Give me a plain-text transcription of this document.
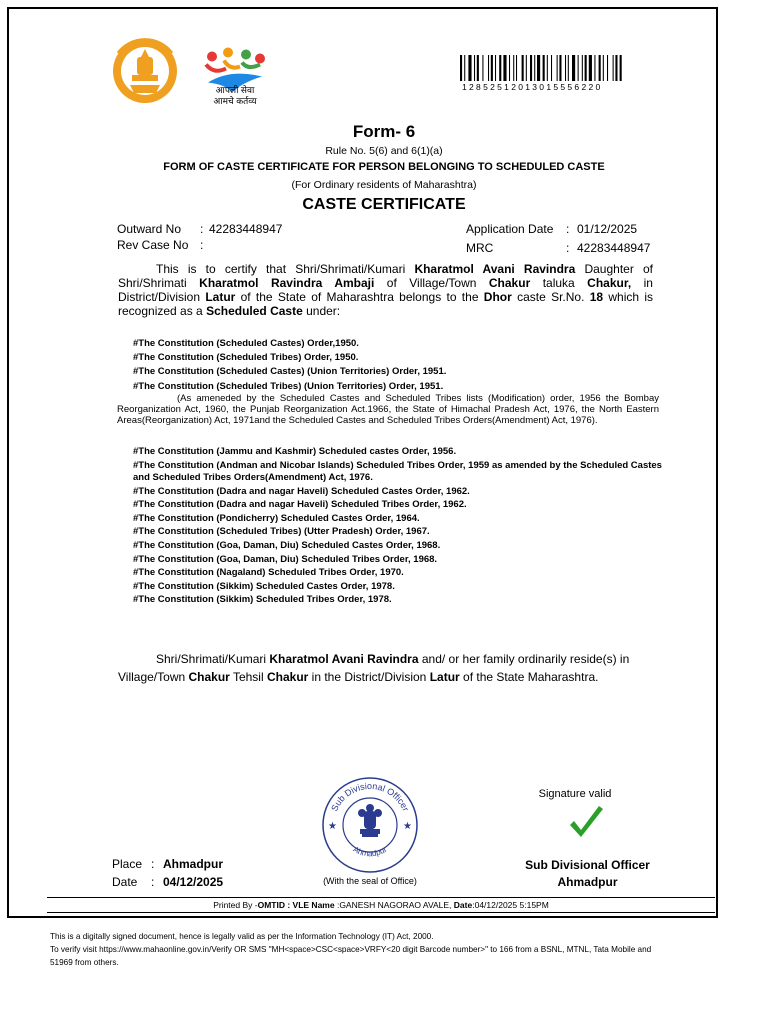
आपली सेवा
आमचे कर्तव्य
12852512013015556220
Form- 6
Rule No. 5(6) and 6(1)(a)
FORM OF CASTE CERTIFICATE FOR PERSON BELONGING TO SCHEDULED CASTE
(For Ordinary residents of Maharashtra)
CASTE CERTIFICATE
Outward No : 42283448947
Rev Case No :
Application Date : 01/12/2025
MRC	: 42283448947
This is to certify that Shri/Shrimati/Kumari Kharatmol Avani Ravindra Daughter of Shri/Shrimati Kharatmol Ravindra Ambaji of Village/Town Chakur taluka Chakur, in District/Division Latur of the State of Maharashtra belongs to the Dhor caste Sr.No. 18 which is recognized as a Scheduled Caste under:
#The Constitution (Scheduled Castes) Order,1950.
#The Constitution (Scheduled Tribes) Order, 1950.
#The Constitution (Scheduled Castes) (Union Territories) Order, 1951.
#The Constitution (Scheduled Tribes) (Union Territories) Order, 1951.
(As ameneded by the Scheduled Castes and Scheduled Tribes lists (Modification) order, 1956 the Bombay Reorganization Act, 1960, the Punjab Reorganization Act.1966, the State of Himachal Pradesh Act, 1976, the North Eastern Areas(Reorganization) Act, 1971and the Scheduled Castes and Scheduled Tribes Orders(Amendment) Act, 1976).
#The Constitution (Jammu and Kashmir) Scheduled castes Order, 1956.
#The Constitution (Andman and Nicobar Islands) Scheduled Tribes Order, 1959 as amended by the Scheduled Castes and Scheduled Tribes Orders(Amendment) Act, 1976.
#The Constitution (Dadra and nagar Haveli) Scheduled Castes Order, 1962.
#The Constitution (Dadra and nagar Haveli) Scheduled Tribes Order, 1962.
#The Constitution (Pondicherry) Scheduled Castes Order, 1964.
#The Constitution (Scheduled Tribes) (Utter Pradesh) Order, 1967.
#The Constitution (Goa, Daman, Diu) Scheduled Castes Order, 1968.
#The Constitution (Goa, Daman, Diu) Scheduled Tribes Order, 1968.
#The Constitution (Nagaland) Scheduled Tribes Order, 1970.
#The Constitution (Sikkim) Scheduled Castes Order, 1978.
#The Constitution (Sikkim) Scheduled Tribes Order, 1978.
Shri/Shrimati/Kumari Kharatmol Avani Ravindra and/ or her family ordinarily reside(s) in Village/Town Chakur Tehsil Chakur in the District/Division Latur of the State Maharashtra.
Sub Divisional Officer
Ahmadpur
★	★
(With the seal of Office)
Signature valid
Sub Divisional Officer
Ahmadpur
Place : Ahmadpur
Date : 04/12/2025
Printed By -OMTID : VLE Name :GANESH NAGORAO AVALE, Date:04/12/2025 5:15PM
This is a digitally signed document, hence is legally valid as per the Information Technology (IT) Act, 2000.
To verify visit https://www.mahaonline.gov.in/Verify OR SMS "MH<space>CSC<space>VRFY<20 digit Barcode number>" to 166 from a BSNL, MTNL, Tata Mobile and
51969 from others.
